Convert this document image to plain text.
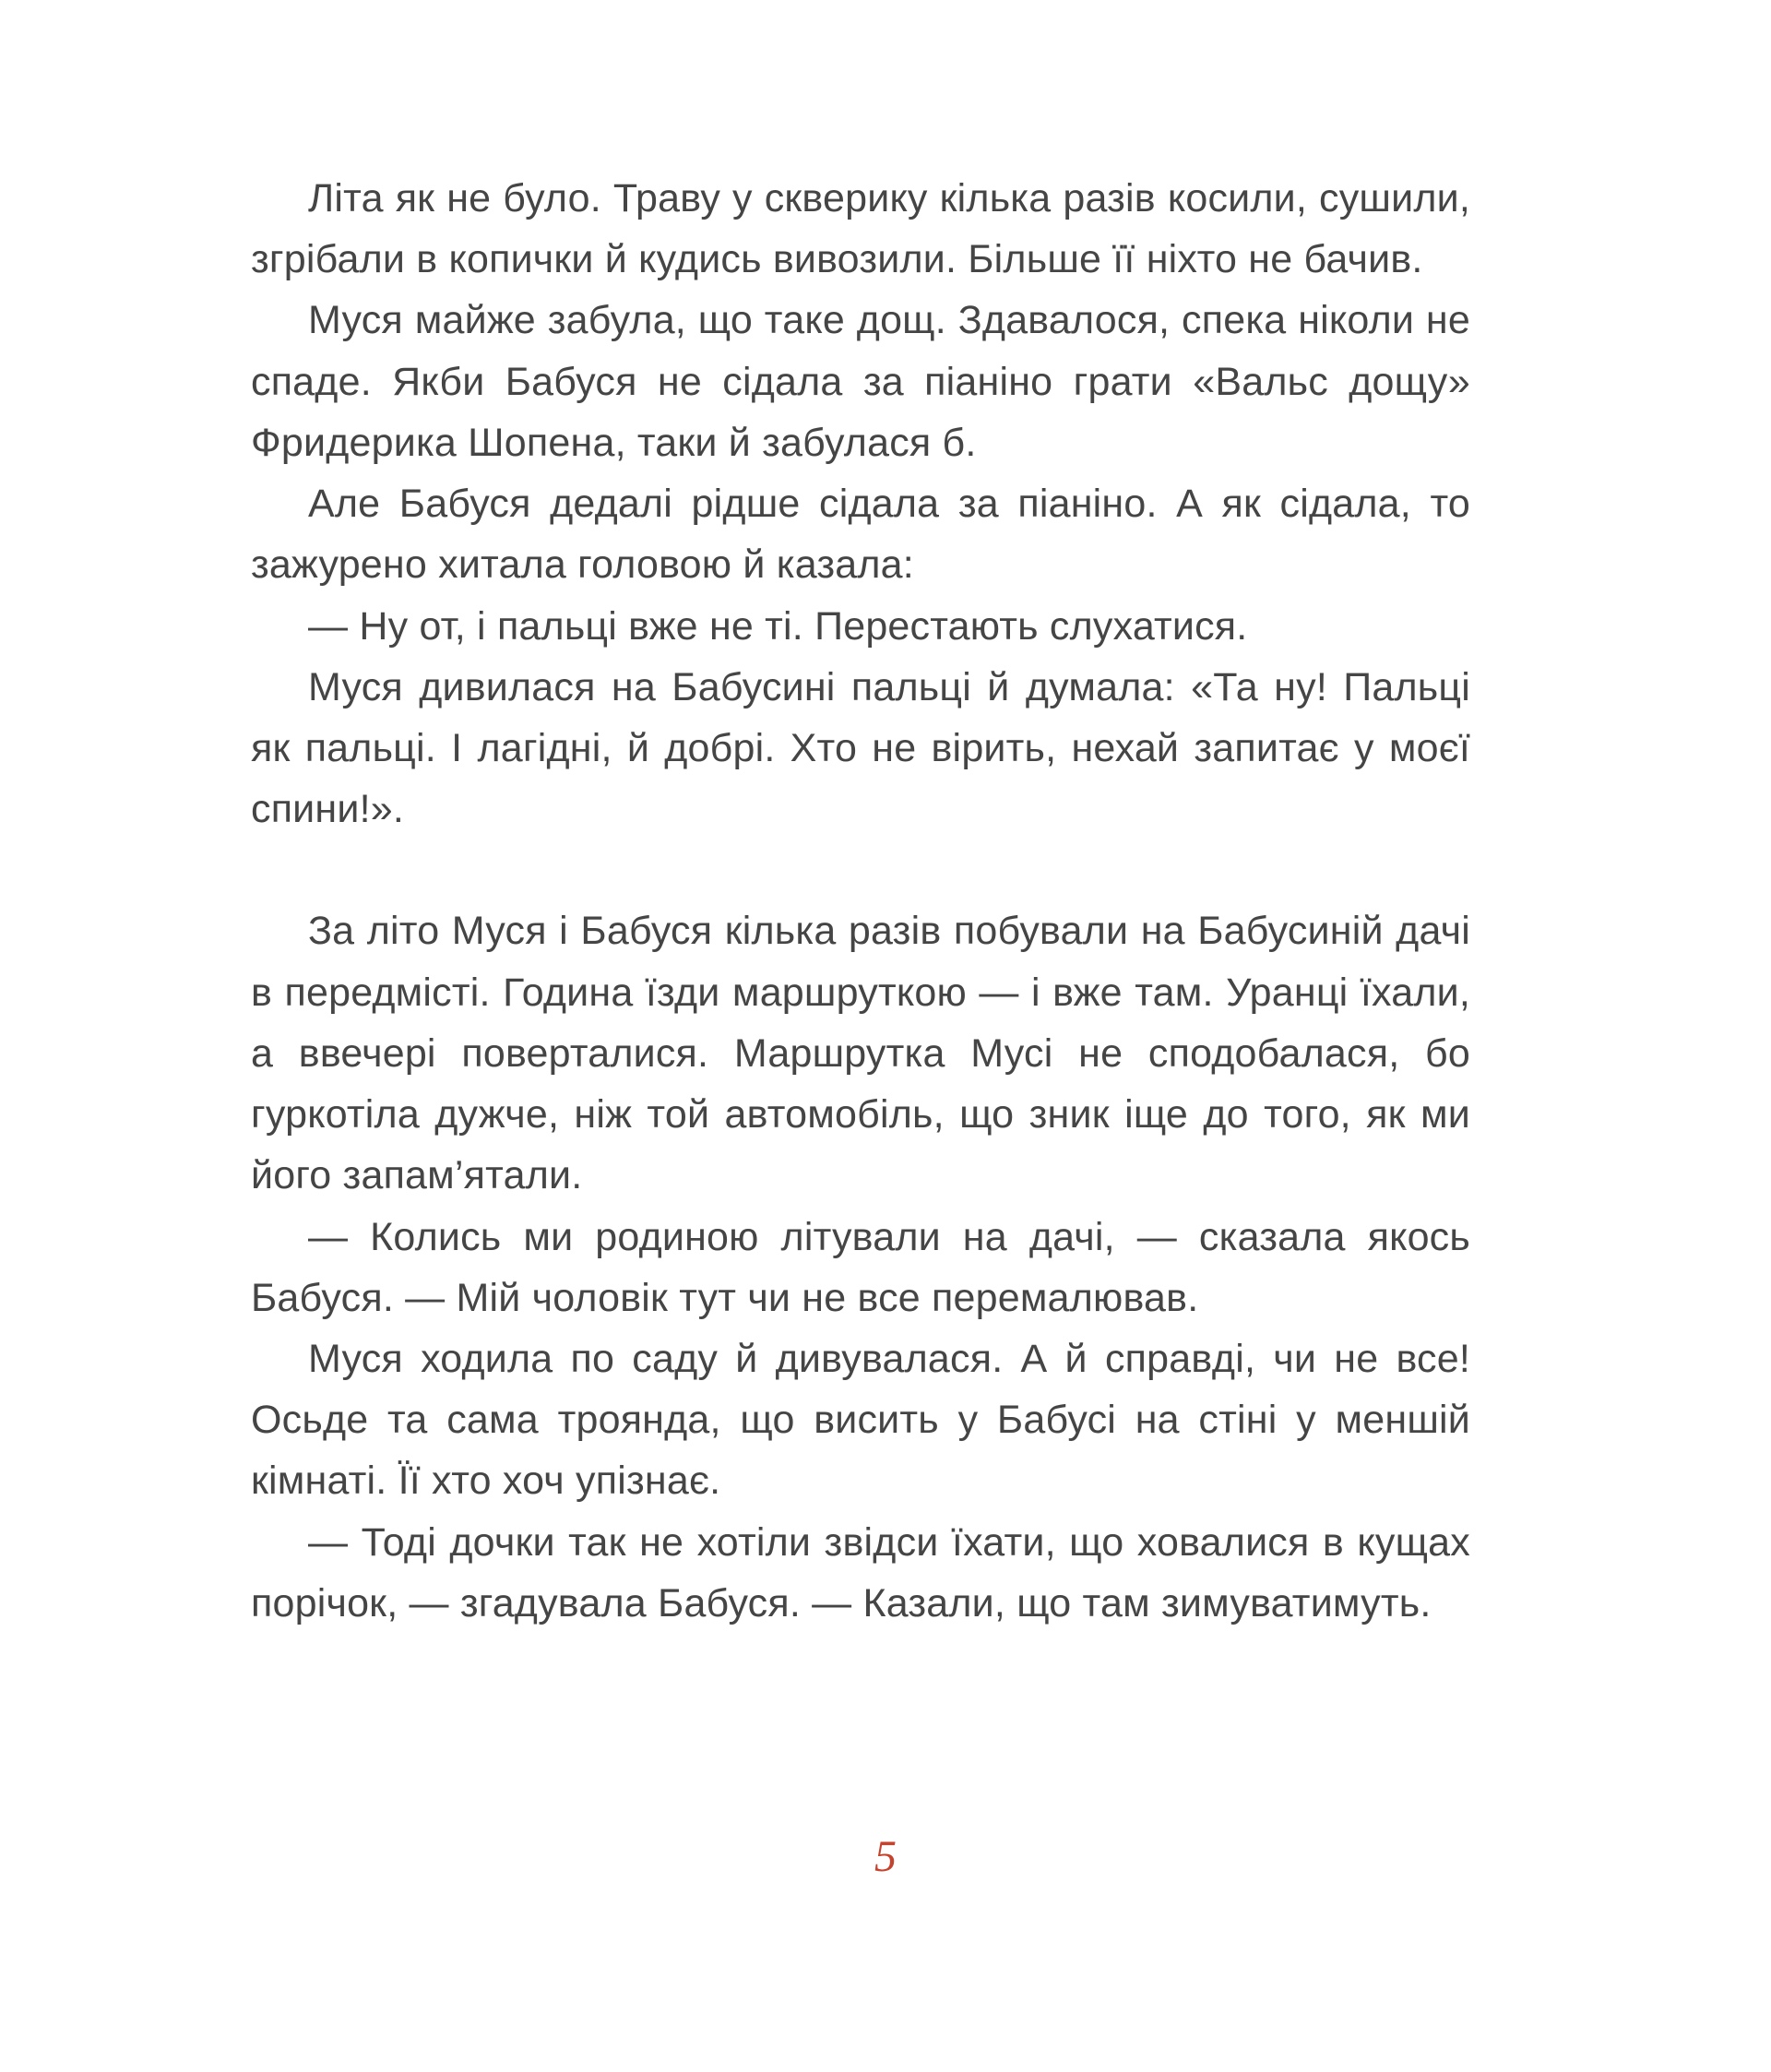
Літа як не було. Траву у скверику кілька разів косили, сушили, згрібали в копички й кудись вивозили. Більше її ніхто не бачив.

Муся майже забула, що таке дощ. Здавалося, спека ніколи не спаде. Якби Бабуся не сідала за піаніно грати «Вальс дощу» Фридерика Шопена, таки й забулася б.

Але Бабуся дедалі рідше сідала за піаніно. А як сідала, то зажурено хитала головою й казала:

— Ну от, і пальці вже не ті. Перестають слухатися.

Муся дивилася на Бабусині пальці й думала: «Та ну! Пальці як пальці. І лагідні, й добрі. Хто не вірить, нехай запитає у моєї спини!».

За літо Муся і Бабуся кілька разів побували на Бабусиній дачі в передмісті. Година їзди маршруткою — і вже там. Уранці їхали, а ввечері поверталися. Маршрутка Мусі не сподобалася, бо гуркотіла дужче, ніж той автомобіль, що зник іще до того, як ми його запам’ятали.

— Колись ми родиною літували на дачі, — сказала якось Бабуся. — Мій чоловік тут чи не все перемалював.

Муся ходила по саду й дивувалася. А й справді, чи не все! Осьде та сама троянда, що висить у Бабусі на стіні у меншій кімнаті. Її хто хоч упізнає.

— Тоді дочки так не хотіли звідси їхати, що ховалися в кущах порічок, — згадувала Бабуся. — Казали, що там зимуватимуть.

5
